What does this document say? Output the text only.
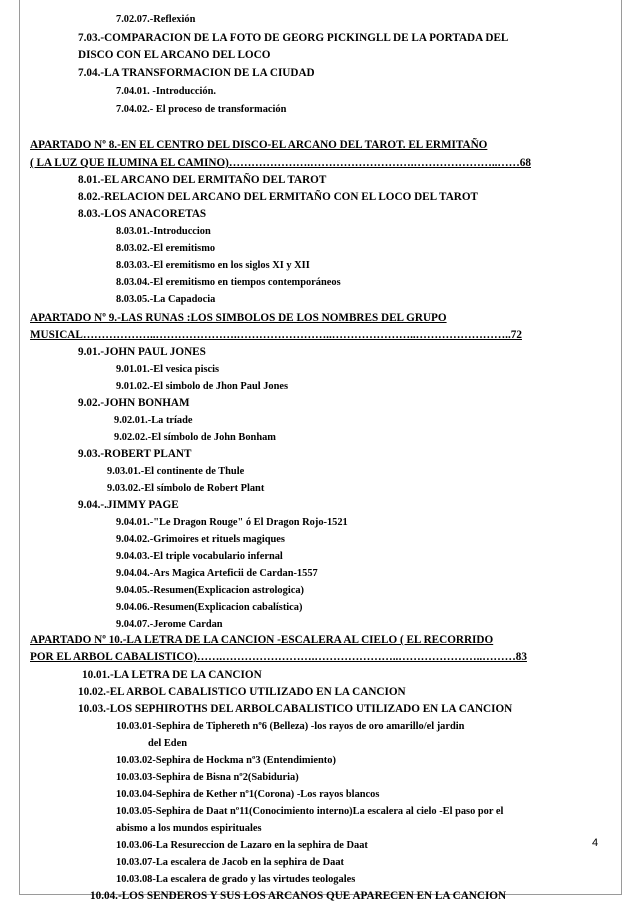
7.02.07.-Reflexión
7.03.-COMPARACION DE LA FOTO DE GEORG PICKINGLL DE LA PORTADA DEL
DISCO CON EL ARCANO DEL LOCO
7.04.-LA TRANSFORMACION DE LA CIUDAD
7.04.01. -Introducción.
7.04.02.- El proceso de transformación
APARTADO Nº 8.-EN EL CENTRO DEL DISCO-EL ARCANO DEL TAROT. EL ERMITAÑO
( LA LUZ QUE ILUMINA EL CAMINO)………………….……………………….…………………..……68
8.01.-EL ARCANO DEL ERMITAÑO DEL TAROT
8.02.-RELACION DEL ARCANO DEL ERMITAÑO CON EL LOCO DEL TAROT
8.03.-LOS ANACORETAS
8.03.01.-Introduccion
8.03.02.-El eremitismo
8.03.03.-El eremitismo en los siglos XI y XII
8.03.04.-El eremitismo en tiempos contemporáneos
8.03.05.-La Capadocia
APARTADO Nº 9.-LAS RUNAS :LOS SIMBOLOS DE LOS NOMBRES DEL GRUPO
MUSICAL………………..………………….……………………..…………………..……………………..72
9.01.-JOHN PAUL JONES
9.01.01.-El vesica piscis
9.01.02.-El simbolo de Jhon Paul Jones
9.02.-JOHN BONHAM
9.02.01.-La tríade
9.02.02.-El símbolo de John Bonham
9.03.-ROBERT PLANT
9.03.01.-El continente de Thule
9.03.02.-El símbolo de Robert Plant
9.04.-.JIMMY PAGE
9.04.01.-"Le Dragon Rouge" ó El Dragon Rojo-1521
9.04.02.-Grimoires et rituels magiques
9.04.03.-El triple vocabulario infernal
9.04.04.-Ars Magica Arteficii de Cardan-1557
9.04.05.-Resumen(Explicacion astrologica)
9.04.06.-Resumen(Explicacion cabalística)
9.04.07.-Jerome Cardan
APARTADO Nº 10.-LA LETRA DE LA CANCION -ESCALERA AL CIELO ( EL RECORRIDO
POR EL ARBOL CABALISTICO)…….…………………….…………………..…………………..………83
10.01.-LA LETRA DE LA CANCION
10.02.-EL ARBOL CABALISTICO UTILIZADO EN LA CANCION
10.03.-LOS SEPHIROTHS DEL ARBOLCABALISTICO UTILIZADO EN LA CANCION
10.03.01-Sephira de Tiphereth nº6 (Belleza) -los rayos de oro amarillo/el jardin
del Eden
10.03.02-Sephira de Hockma nº3 (Entendimiento)
10.03.03-Sephira de Bisna nº2(Sabiduria)
10.03.04-Sephira de Kether nº1(Corona) -Los rayos blancos
10.03.05-Sephira de Daat nº11(Conocimiento interno)La escalera al cielo -El paso por el
abismo a los mundos espirituales
10.03.06-La Resureccion de Lazaro en la sephira de Daat
10.03.07-La escalera de Jacob en la sephira de Daat
10.03.08-La escalera de grado y las virtudes teologales
10.04.-LOS SENDEROS Y SUS LOS ARCANOS QUE APARECEN EN LA CANCION
4
